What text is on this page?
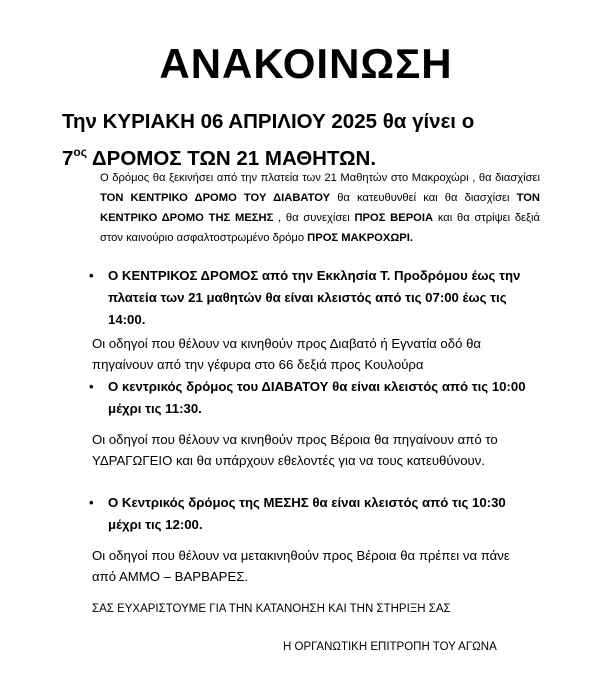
ΑΝΑΚΟΙΝΩΣΗ
Την ΚΥΡΙΑΚΗ 06 ΑΠΡΙΛΙΟΥ 2025 θα γίνει ο
$7^{o\varsigma}$ ΔΡΟΜΟΣ ΤΩΝ 21 ΜΑΘΗΤΩΝ.
Ο δρόμος θα ξεκινήσει από την πλατεία των 21 Μαθητών στο Μακροχώρι , θα διασχίσει ΤΟΝ ΚΕΝΤΡΙΚΟ ΔΡΟΜΟ ΤΟΥ ΔΙΑΒΑΤΟΥ θα κατευθυνθεί και θα διασχίσει ΤΟΝ ΚΕΝΤΡΙΚΟ ΔΡΟΜΟ ΤΗΣ ΜΕΣΗΣ , θα συνεχίσει ΠΡΟΣ ΒΕΡΟΙΑ και θα στρίψει δεξιά στον καινούριο ασφαλτοστρωμένο δρόμο ΠΡΟΣ ΜΑΚΡΟΧΩΡΙ.
• Ο ΚΕΝΤΡΙΚΟΣ ΔΡΟΜΟΣ από την Εκκλησία Τ. Προδρόμου έως την πλατεία των 21 μαθητών θα είναι κλειστός από τις 07:00 έως τις 14:00.
Οι οδηγοί που θέλουν να κινηθούν προς Διαβατό ή Εγνατία οδό θα πηγαίνουν από την γέφυρα στο 66 δεξιά προς Κουλούρα
• Ο κεντρικός δρόμος του ΔΙΑΒΑΤΟΥ θα είναι κλειστός από τις 10:00 μέχρι τις 11:30.
Οι οδηγοί που θέλουν να κινηθούν προς Βέροια θα πηγαίνουν από το ΥΔΡΑΓΩΓΕΙΟ και θα υπάρχουν εθελοντές για να τους κατευθύνουν.
• Ο Κεντρικός δρόμος της ΜΕΣΗΣ θα είναι κλειστός από τις 10:30 μέχρι τις 12:00.
Οι οδηγοί που θέλουν να μετακινηθούν προς Βέροια θα πρέπει να πάνε από ΑΜΜΟ – ΒΑΡΒΑΡΕΣ.
ΣΑΣ ΕΥΧΑΡΙΣΤΟΥΜΕ ΓΙΑ ΤΗΝ ΚΑΤΑΝΟΗΣΗ ΚΑΙ ΤΗΝ ΣΤΗΡΙΞΗ ΣΑΣ
Η ΟΡΓΑΝΩΤΙΚΗ ΕΠΙΤΡΟΠΗ ΤΟΥ ΑΓΩΝΑ
